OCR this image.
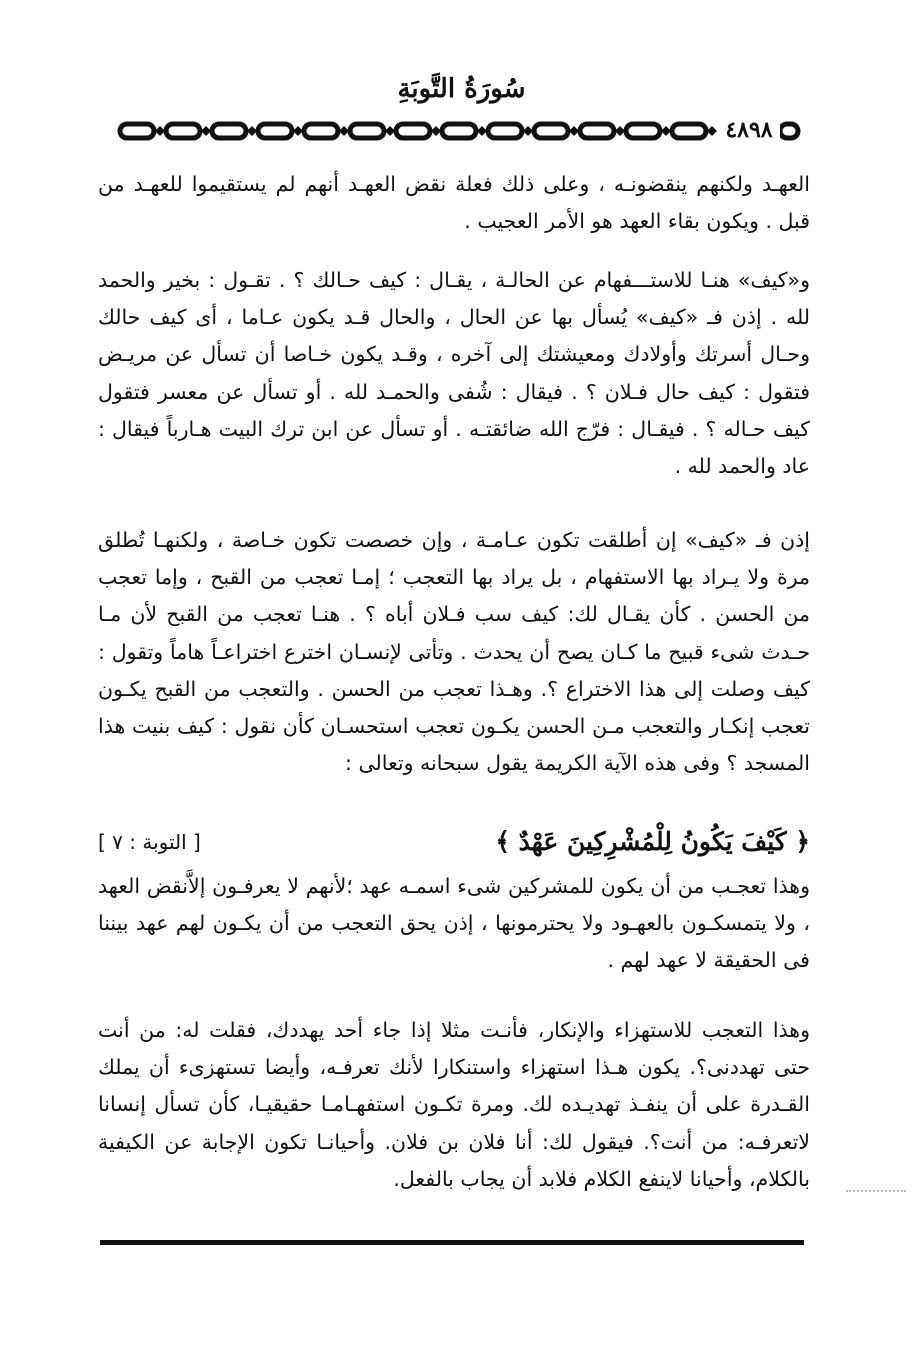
سُورَةُ التَّوبَةِ
٤٨٩٨

العهـد ولكنهم ينقضونـه ، وعلى ذلك فعلة نقض العهـد أنهم لم يستقيموا للعهـد من قبل . ويكون بقاء العهد هو الأمر العجيب .

و«كيف» هنـا للاستـــفهام عن الحالـة ، يقـال : كيف حـالك ؟ . تقـول : بخير والحمد لله . إذن فـ «كيف» يُسأل بها عن الحال ، والحال قـد يكون عـاما ، أى كيف حالك وحـال أسرتك وأولادك ومعيشتك إلى آخره ، وقـد يكون خـاصا أن تسأل عن مريـض فتقول : كيف حال فـلان ؟ . فيقال : شُفى والحمـد لله . أو تسأل عن معسر فتقول كيف حـاله ؟ . فيقـال : فرّج الله ضائقتـه . أو تسأل عن ابن ترك البيت هـارباً فيقال : عاد والحمد لله .

إذن فـ «كيف» إن أطلقت تكون عـامـة ، وإن خصصت تكون خـاصة ، ولكنهـا تُطلق مرة ولا يـراد بها الاستفهام ، بل يراد بها التعجب ؛ إمـا تعجب من القبح ، وإما تعجب من الحسن . كأن يقـال لك: كيف سب فـلان أباه ؟ . هنـا تعجب من القبح لأن مـا حـدث شىء قبيح ما كـان يصح أن يحدث . وتأتى لإنسـان اخترع اختراعـاً هاماً وتقول : كيف وصلت إلى هذا الاختراع ؟. وهـذا تعجب من الحسن . والتعجب من القبح يكـون تعجب إنكـار والتعجب مـن الحسن يكـون تعجب استحسـان كأن نقول : كيف بنيت هذا المسجد ؟ وفى هذه الآية الكريمة يقول سبحانه وتعالى :

﴿ كَيْفَ يَكُونُ لِلْمُشْرِكِينَ عَهْدٌ ﴾
[ التوبة : ٧ ]

وهذا تعجـب من أن يكون للمشركين شىء اسمـه عهد ؛لأنهم لا يعرفـون إلاَّنقض العهد ، ولا يتمسكـون بالعهـود ولا يحترمونها ، إذن يحق التعجب من أن يكـون لهم عهد بيننا فى الحقيقة لا عهد لهم .

وهذا التعجب للاستهزاء والإنكار، فأنـت مثلا إذا جاء أحد يهددك، فقلت له: من أنت حتى تهددنى؟. يكون هـذا استهزاء واستنكارا لأنك تعرفـه، وأيضا تستهزىء أن يملك القـدرة على أن ينفـذ تهديـده لك. ومرة تكـون استفهـامـا حقيقيـا، كأن تسأل إنسانا لاتعرفـه: من أنت؟. فيقول لك: أنا فلان بن فلان. وأحيانـا تكون الإجابة عن الكيفية بالكلام، وأحيانا لاينفع الكلام فلابد أن يجاب بالفعل.
